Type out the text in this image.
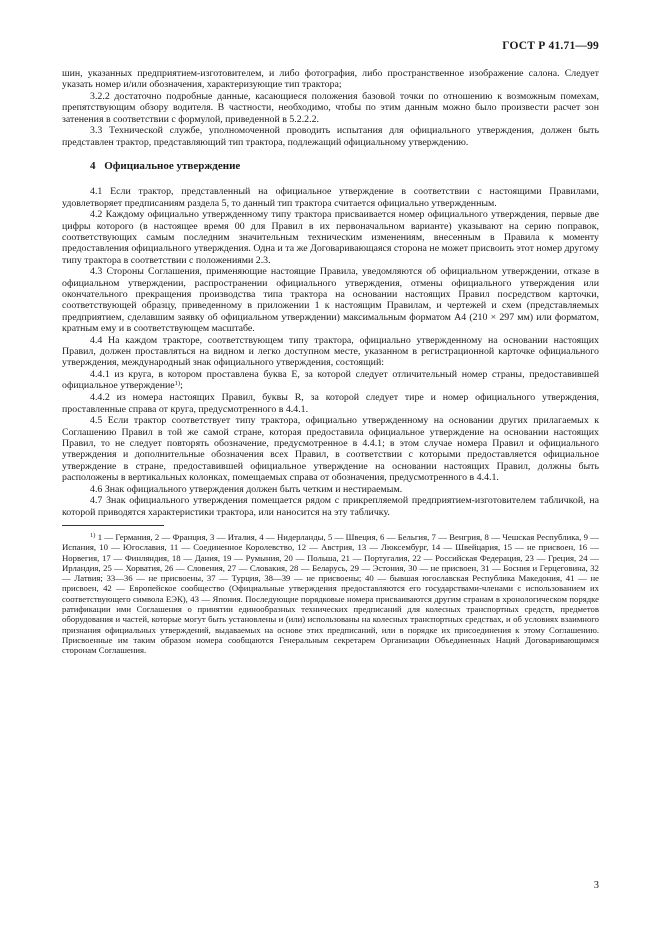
ГОСТ Р 41.71—99

шин, указанных предприятием-изготовителем, и либо фотография, либо пространственное изображение салона. Следует указать номер и/или обозначения, характеризующие тип трактора;

3.2.2 достаточно подробные данные, касающиеся положения базовой точки по отношению к возможным помехам, препятствующим обзору водителя. В частности, необходимо, чтобы по этим данным можно было произвести расчет зон затенения в соответствии с формулой, приведенной в 5.2.2.2.

3.3 Технической службе, уполномоченной проводить испытания для официального утверждения, должен быть представлен трактор, представляющий тип трактора, подлежащий официальному утверждению.

4 Официальное утверждение

4.1 Если трактор, представленный на официальное утверждение в соответствии с настоящими Правилами, удовлетворяет предписаниям раздела 5, то данный тип трактора считается официально утвержденным.

4.2 Каждому официально утвержденному типу трактора присваивается номер официального утверждения, первые две цифры которого (в настоящее время 00 для Правил в их первоначальном варианте) указывают на серию поправок, соответствующих самым последним значительным техническим изменениям, внесенным в Правила к моменту предоставления официального утверждения. Одна и та же Договаривающаяся сторона не может присвоить этот номер другому типу трактора в соответствии с положениями 2.3.

4.3 Стороны Соглашения, применяющие настоящие Правила, уведомляются об официальном утверждении, отказе в официальном утверждении, распространении официального утверждения, отмены официального утверждения или окончательного прекращения производства типа трактора на основании настоящих Правил посредством карточки, соответствующей образцу, приведенному в приложении 1 к настоящим Правилам, и чертежей и схем (представляемых предприятием, сделавшим заявку об официальном утверждении) максимальным форматом А4 (210 × 297 мм) или форматом, кратным ему и в соответствующем масштабе.

4.4 На каждом тракторе, соответствующем типу трактора, официально утвержденному на основании настоящих Правил, должен проставляться на видном и легко доступном месте, указанном в регистрационной карточке официального утверждения, международный знак официального утверждения, состоящий:

4.4.1 из круга, в котором проставлена буква Е, за которой следует отличительный номер страны, предоставившей официальное утверждение$^{1)}$;

4.4.2 из номера настоящих Правил, буквы R, за которой следует тире и номер официального утверждения, проставленные справа от круга, предусмотренного в 4.4.1.

4.5 Если трактор соответствует типу трактора, официально утвержденному на основании других прилагаемых к Соглашению Правил в той же самой стране, которая предоставила официальное утверждение на основании настоящих Правил, то не следует повторять обозначение, предусмотренное в 4.4.1; в этом случае номера Правил и официального утверждения и дополнительные обозначения всех Правил, в соответствии с которыми предоставляется официальное утверждение в стране, предоставившей официальное утверждение на основании настоящих Правил, должны быть расположены в вертикальных колонках, помещаемых справа от обозначения, предусмотренного в 4.4.1.

4.6 Знак официального утверждения должен быть четким и нестираемым.

4.7 Знак официального утверждения помещается рядом с прикрепляемой предприятием-изготовителем табличкой, на которой приводятся характеристики трактора, или наносится на эту табличку.

$^{1)}$ 1 — Германия, 2 — Франция, 3 — Италия, 4 — Нидерланды, 5 — Швеция, 6 — Бельгия, 7 — Венгрия, 8 — Чешская Республика, 9 — Испания, 10 — Югославия, 11 — Соединенное Королевство, 12 — Австрия, 13 — Люксембург, 14 — Швейцария, 15 — не присвоен, 16 — Норвегия, 17 — Финляндия, 18 — Дания, 19 — Румыния, 20 — Польша, 21 — Португалия, 22 — Российская Федерация, 23 — Греция, 24 — Ирландия, 25 — Хорватия, 26 — Словения, 27 — Словакия, 28 — Беларусь, 29 — Эстония, 30 — не присвоен, 31 — Босния и Герцеговина, 32 — Латвия; 33—36 — не присвоены, 37 — Турция, 38—39 — не присвоены; 40 — бывшая югославская Республика Македония, 41 — не присвоен, 42 — Европейское сообщество (Официальные утверждения предоставляются его государствами-членами с использованием их соответствующего символа ЕЭК), 43 — Япония. Последующие порядковые номера присваиваются другим странам в хронологическом порядке ратификации ими Соглашения о принятии единообразных технических предписаний для колесных транспортных средств, предметов оборудования и частей, которые могут быть установлены и (или) использованы на колесных транспортных средствах, и об условиях взаимного признания официальных утверждений, выдаваемых на основе этих предписаний, или в порядке их присоединения к этому Соглашению. Присвоенные им таким образом номера сообщаются Генеральным секретарем Организации Объединенных Наций Договаривающимся сторонам Соглашения.

3
